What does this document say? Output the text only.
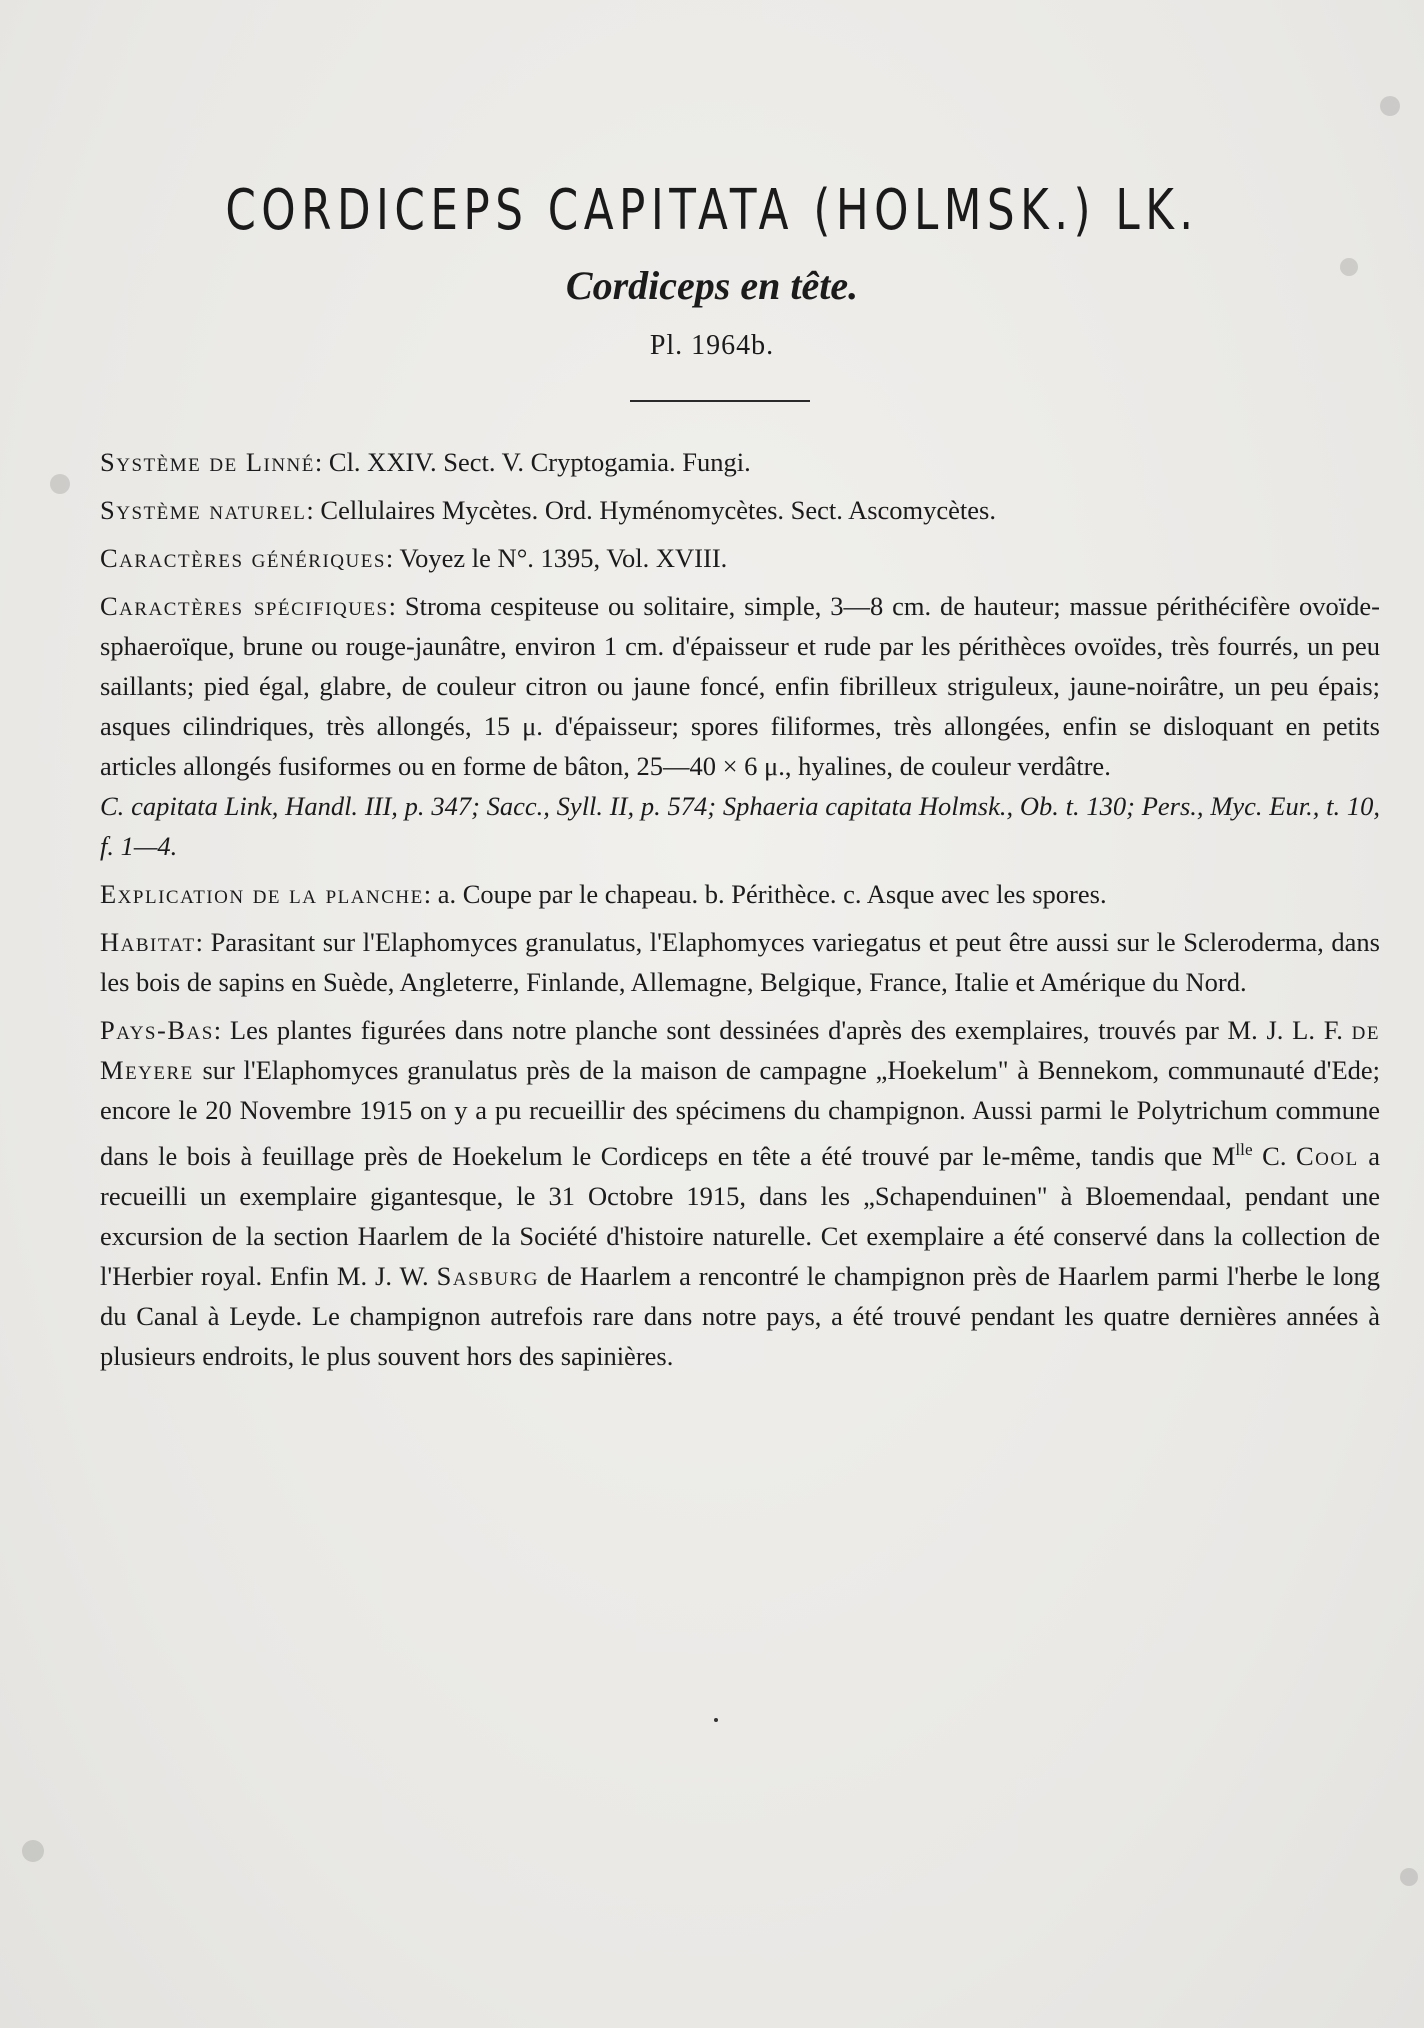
CORDICEPS CAPITATA (HOLMSK.) LK.
Cordiceps en tête.
Pl. 1964b.

Système de Linné: Cl. XXIV. Sect. V. Cryptogamia. Fungi.

Système naturel: Cellulaires Mycètes. Ord. Hyménomycètes. Sect. Ascomycètes.

Caractères génériques: Voyez le N°. 1395, Vol. XVIII.

Caractères spécifiques: Stroma cespiteuse ou solitaire, simple, 3—8 cm. de hauteur; massue périthécifère ovoïde-sphaeroïque, brune ou rouge-jaunâtre, environ 1 cm. d'épaisseur et rude par les périthèces ovoïdes, très fourrés, un peu saillants; pied égal, glabre, de couleur citron ou jaune foncé, enfin fibrilleux striguleux, jaune-noirâtre, un peu épais; asques cilindriques, très allongés, 15 μ. d'épaisseur; spores filiformes, très allongées, enfin se disloquant en petits articles allongés fusiformes ou en forme de bâton, 25—40 × 6 μ., hyalines, de couleur verdâtre.

C. capitata Link, Handl. III, p. 347; Sacc., Syll. II, p. 574; Sphaeria capitata Holmsk., Ob. t. 130; Pers., Myc. Eur., t. 10, f. 1—4.

Explication de la planche: a. Coupe par le chapeau. b. Périthèce. c. Asque avec les spores.

Habitat: Parasitant sur l'Elaphomyces granulatus, l'Elaphomyces variegatus et peut être aussi sur le Scleroderma, dans les bois de sapins en Suède, Angleterre, Finlande, Allemagne, Belgique, France, Italie et Amérique du Nord.

Pays-Bas: Les plantes figurées dans notre planche sont dessinées d'après des exemplaires, trouvés par M. J. L. F. de Meyere sur l'Elaphomyces granulatus près de la maison de campagne „Hoekelum" à Bennekom, communauté d'Ede; encore le 20 Novembre 1915 on y a pu recueillir des spécimens du champignon. Aussi parmi le Polytrichum commune dans le bois à feuillage près de Hoekelum le Cordiceps en tête a été trouvé par le-même, tandis que $M^{lle}$ C. Cool a recueilli un exemplaire gigantesque, le 31 Octobre 1915, dans les „Schapenduinen" à Bloemendaal, pendant une excursion de la section Haarlem de la Société d'histoire naturelle. Cet exemplaire a été conservé dans la collection de l'Herbier royal. Enfin M. J. W. Sasburg de Haarlem a rencontré le champignon près de Haarlem parmi l'herbe le long du Canal à Leyde. Le champignon autrefois rare dans notre pays, a été trouvé pendant les quatre dernières années à plusieurs endroits, le plus souvent hors des sapinières.
